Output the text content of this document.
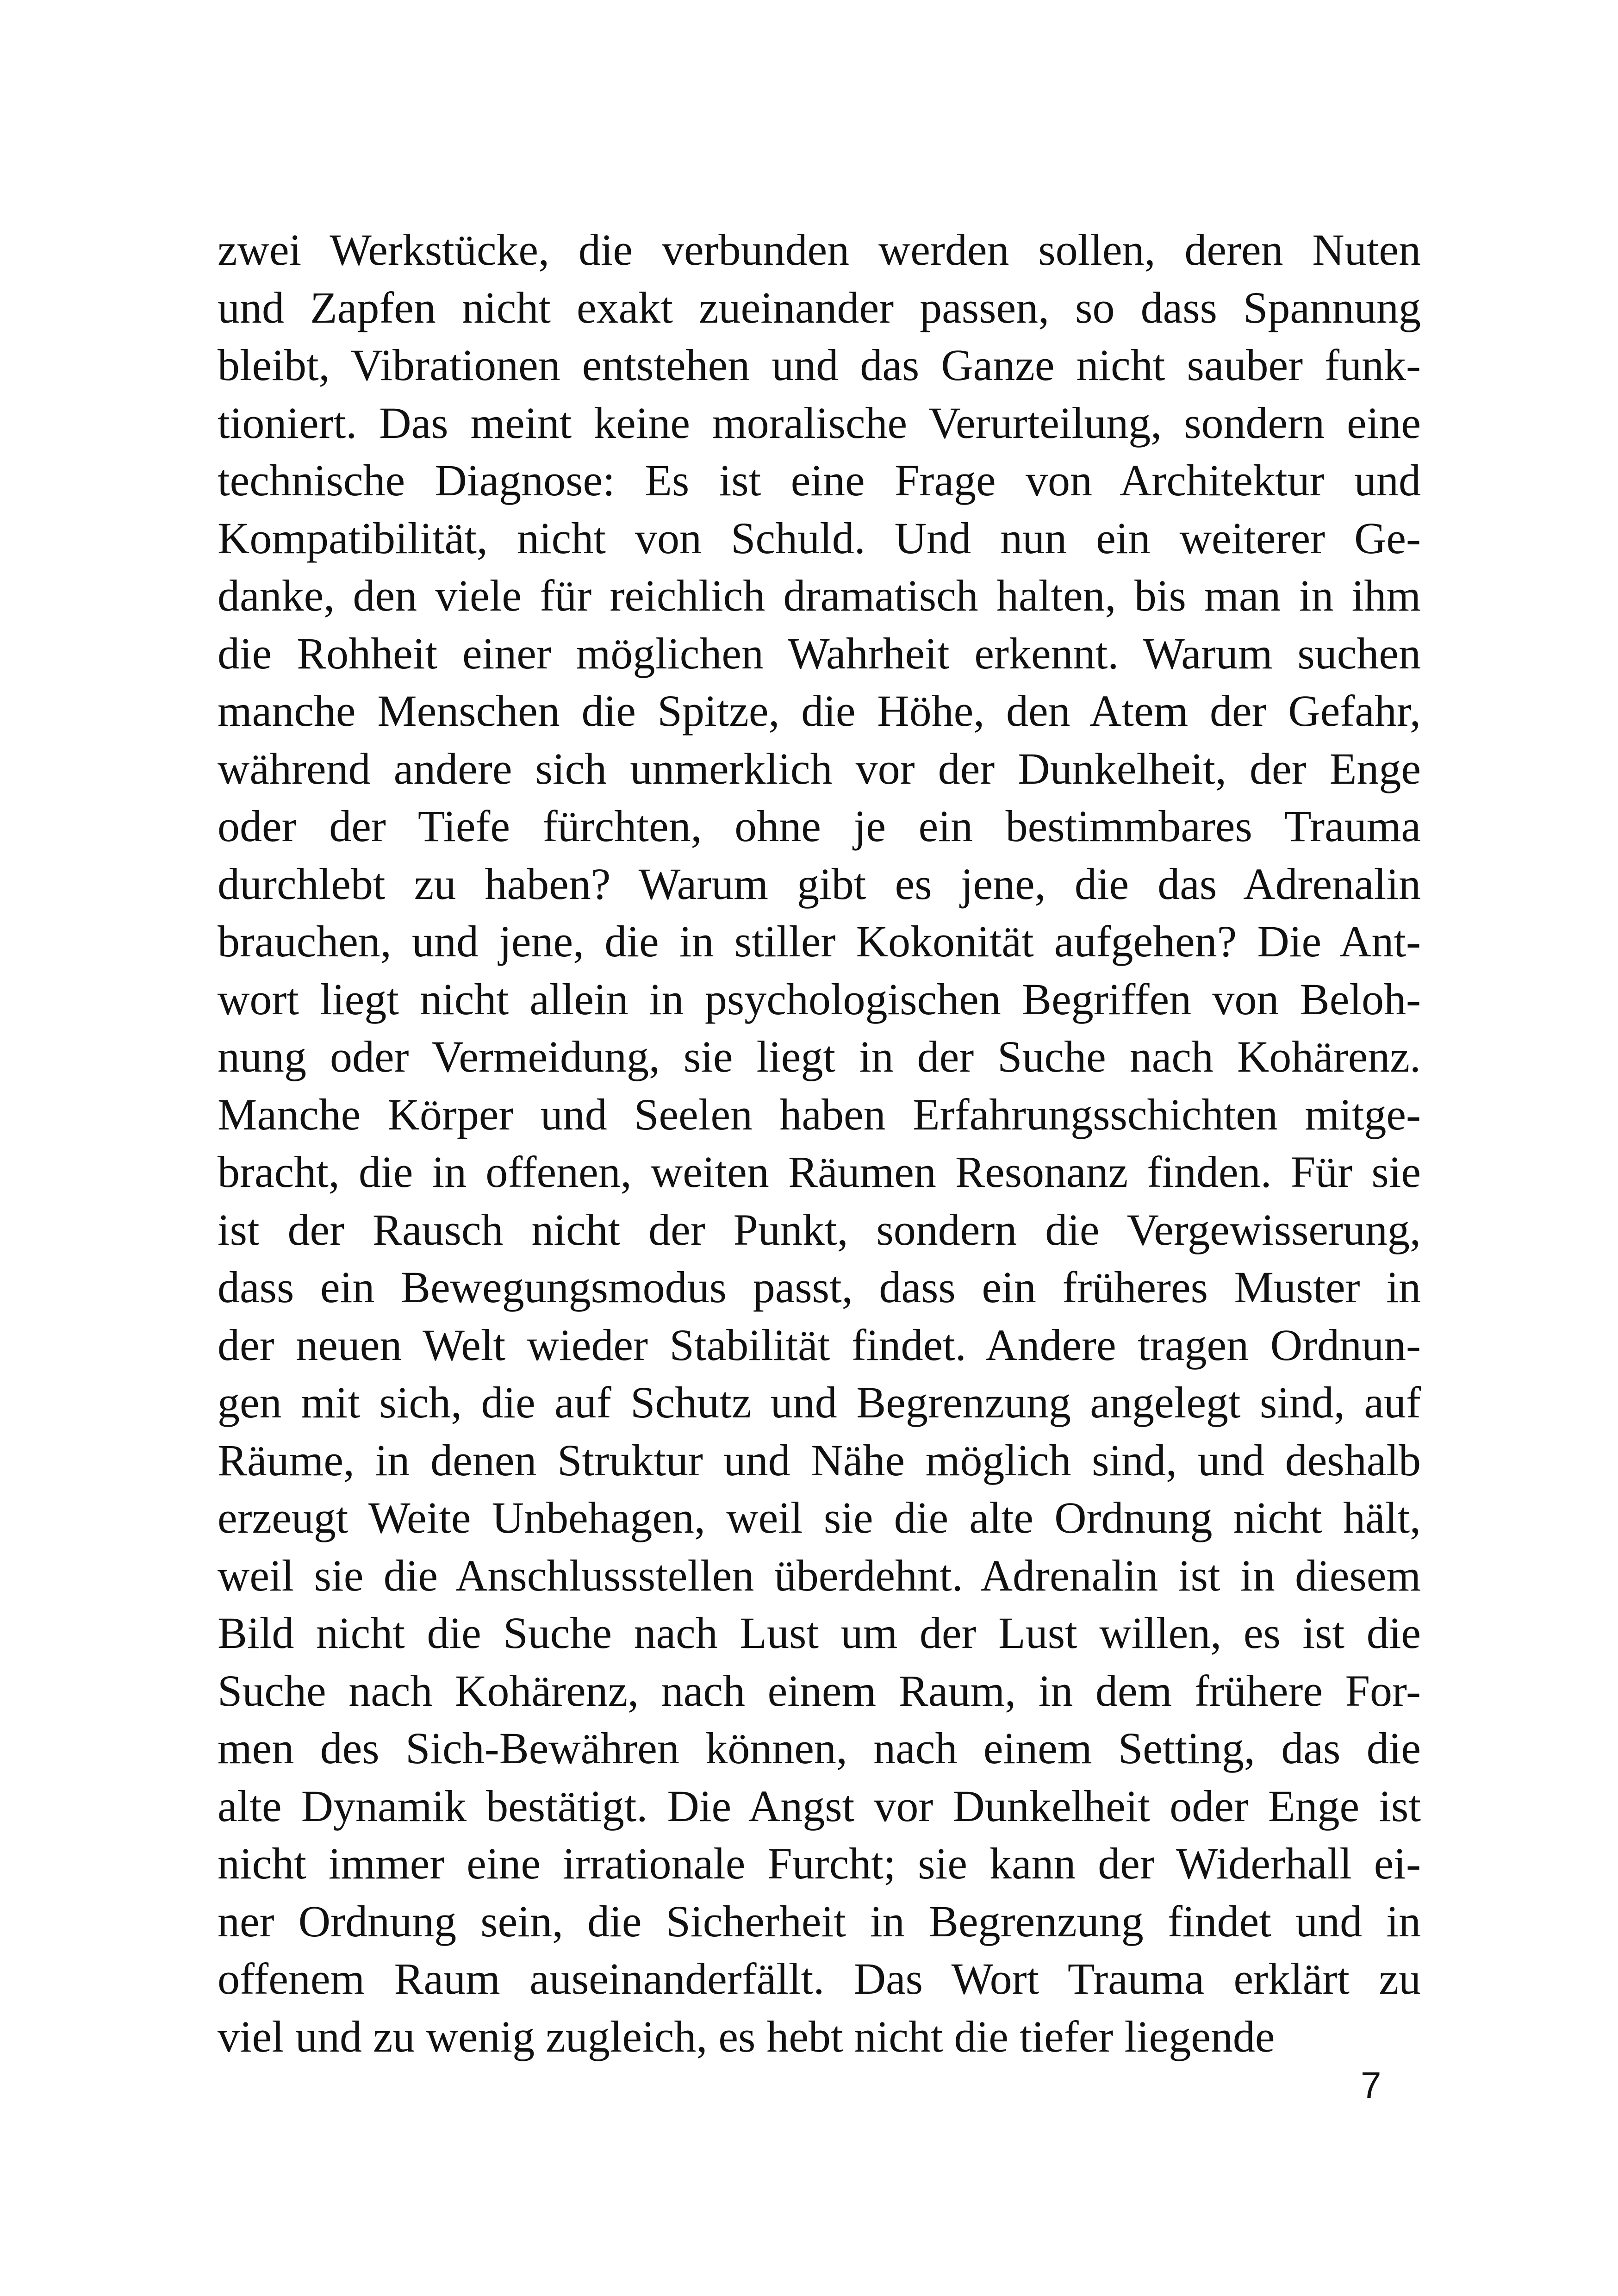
zwei Werkstücke, die verbunden werden sollen, deren Nuten
und Zapfen nicht exakt zueinander passen, so dass Spannung
bleibt, Vibrationen entstehen und das Ganze nicht sauber funk-
tioniert. Das meint keine moralische Verurteilung, sondern eine
technische Diagnose: Es ist eine Frage von Architektur und
Kompatibilität, nicht von Schuld. Und nun ein weiterer Ge-
danke, den viele für reichlich dramatisch halten, bis man in ihm
die Rohheit einer möglichen Wahrheit erkennt. Warum suchen
manche Menschen die Spitze, die Höhe, den Atem der Gefahr,
während andere sich unmerklich vor der Dunkelheit, der Enge
oder der Tiefe fürchten, ohne je ein bestimmbares Trauma
durchlebt zu haben? Warum gibt es jene, die das Adrenalin
brauchen, und jene, die in stiller Kokonität aufgehen? Die Ant-
wort liegt nicht allein in psychologischen Begriffen von Beloh-
nung oder Vermeidung, sie liegt in der Suche nach Kohärenz.
Manche Körper und Seelen haben Erfahrungsschichten mitge-
bracht, die in offenen, weiten Räumen Resonanz finden. Für sie
ist der Rausch nicht der Punkt, sondern die Vergewisserung,
dass ein Bewegungsmodus passt, dass ein früheres Muster in
der neuen Welt wieder Stabilität findet. Andere tragen Ordnun-
gen mit sich, die auf Schutz und Begrenzung angelegt sind, auf
Räume, in denen Struktur und Nähe möglich sind, und deshalb
erzeugt Weite Unbehagen, weil sie die alte Ordnung nicht hält,
weil sie die Anschlussstellen überdehnt. Adrenalin ist in diesem
Bild nicht die Suche nach Lust um der Lust willen, es ist die
Suche nach Kohärenz, nach einem Raum, in dem frühere For-
men des Sich-Bewähren können, nach einem Setting, das die
alte Dynamik bestätigt. Die Angst vor Dunkelheit oder Enge ist
nicht immer eine irrationale Furcht; sie kann der Widerhall ei-
ner Ordnung sein, die Sicherheit in Begrenzung findet und in
offenem Raum auseinanderfällt. Das Wort Trauma erklärt zu
viel und zu wenig zugleich, es hebt nicht die tiefer liegende
7
